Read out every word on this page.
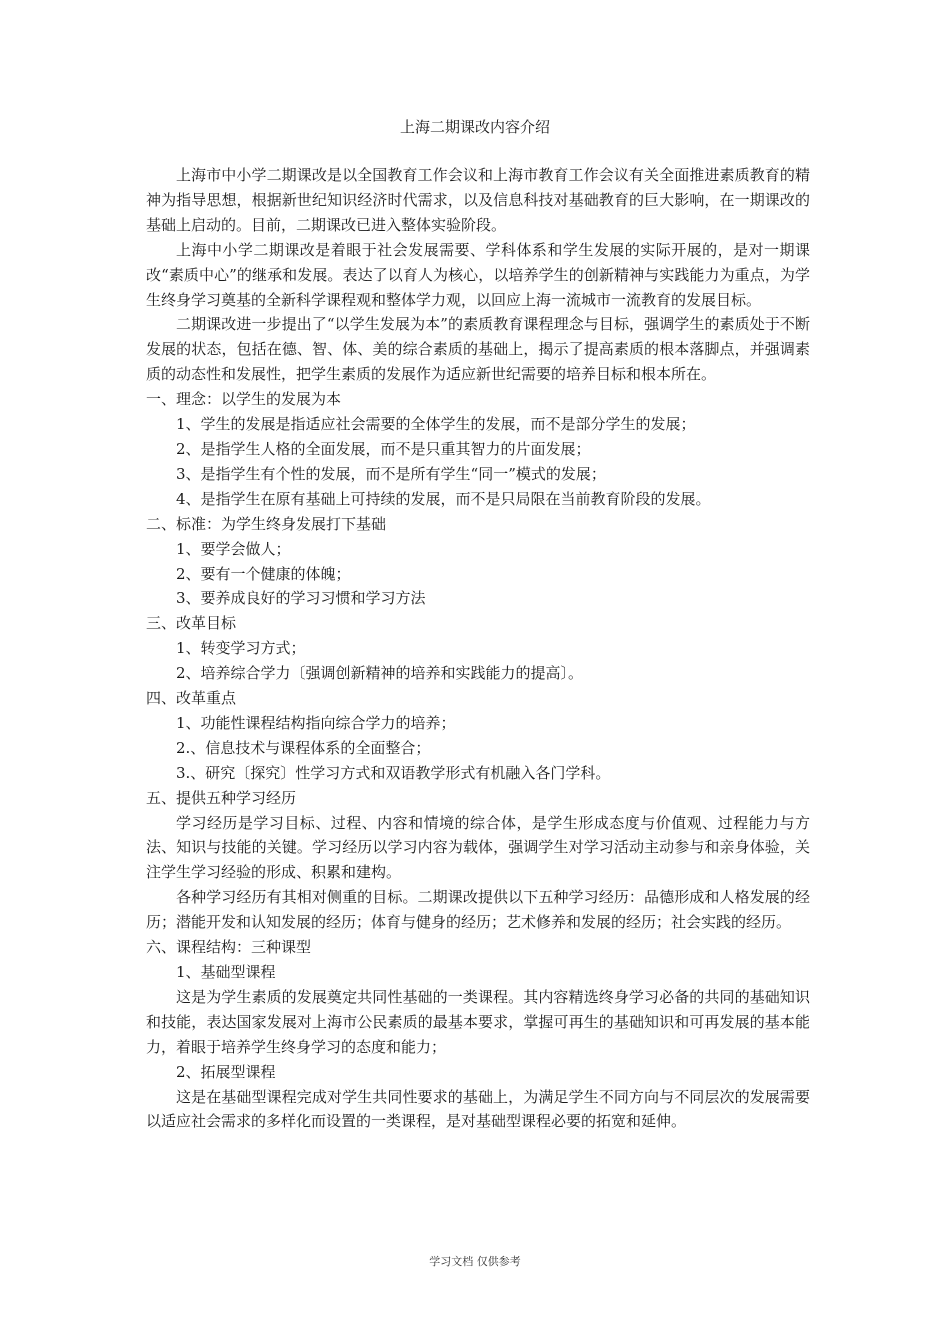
上海二期课改内容介绍

上海市中小学二期课改是以全国教育工作会议和上海市教育工作会议有关全面推进素质教育的精神为指导思想，根据新世纪知识经济时代需求，以及信息科技对基础教育的巨大影响，在一期课改的基础上启动的。目前，二期课改已进入整体实验阶段。

上海中小学二期课改是着眼于社会发展需要、学科体系和学生发展的实际开展的，是对一期课改“素质中心”的继承和发展。表达了以育人为核心，以培养学生的创新精神与实践能力为重点，为学生终身学习奠基的全新科学课程观和整体学力观，以回应上海一流城市一流教育的发展目标。

二期课改进一步提出了“以学生发展为本”的素质教育课程理念与目标，强调学生的素质处于不断发展的状态，包括在德、智、体、美的综合素质的基础上，揭示了提高素质的根本落脚点，并强调素质的动态性和发展性，把学生素质的发展作为适应新世纪需要的培养目标和根本所在。

一、理念：以学生的发展为本

1、学生的发展是指适应社会需要的全体学生的发展，而不是部分学生的发展；

2、是指学生人格的全面发展，而不是只重其智力的片面发展；

3、是指学生有个性的发展，而不是所有学生“同一”模式的发展；

4、是指学生在原有基础上可持续的发展，而不是只局限在当前教育阶段的发展。

二、标准：为学生终身发展打下基础

1、要学会做人；

2、要有一个健康的体魄；

3、要养成良好的学习习惯和学习方法

三、改革目标

1、转变学习方式；

2、培养综合学力〔强调创新精神的培养和实践能力的提高〕。

四、改革重点

1、功能性课程结构指向综合学力的培养；

2.、信息技术与课程体系的全面整合；

3.、研究〔探究〕性学习方式和双语教学形式有机融入各门学科。

五、提供五种学习经历

学习经历是学习目标、过程、内容和情境的综合体，是学生形成态度与价值观、过程能力与方法、知识与技能的关键。学习经历以学习内容为载体，强调学生对学习活动主动参与和亲身体验，关注学生学习经验的形成、积累和建构。

各种学习经历有其相对侧重的目标。二期课改提供以下五种学习经历：品德形成和人格发展的经历；潜能开发和认知发展的经历；体育与健身的经历；艺术修养和发展的经历；社会实践的经历。

六、课程结构：三种课型

1、基础型课程

这是为学生素质的发展奠定共同性基础的一类课程。其内容精选终身学习必备的共同的基础知识和技能，表达国家发展对上海市公民素质的最基本要求，掌握可再生的基础知识和可再发展的基本能力，着眼于培养学生终身学习的态度和能力；

2、拓展型课程

这是在基础型课程完成对学生共同性要求的基础上，为满足学生不同方向与不同层次的发展需要以适应社会需求的多样化而设置的一类课程，是对基础型课程必要的拓宽和延伸。

学习文档 仅供参考
